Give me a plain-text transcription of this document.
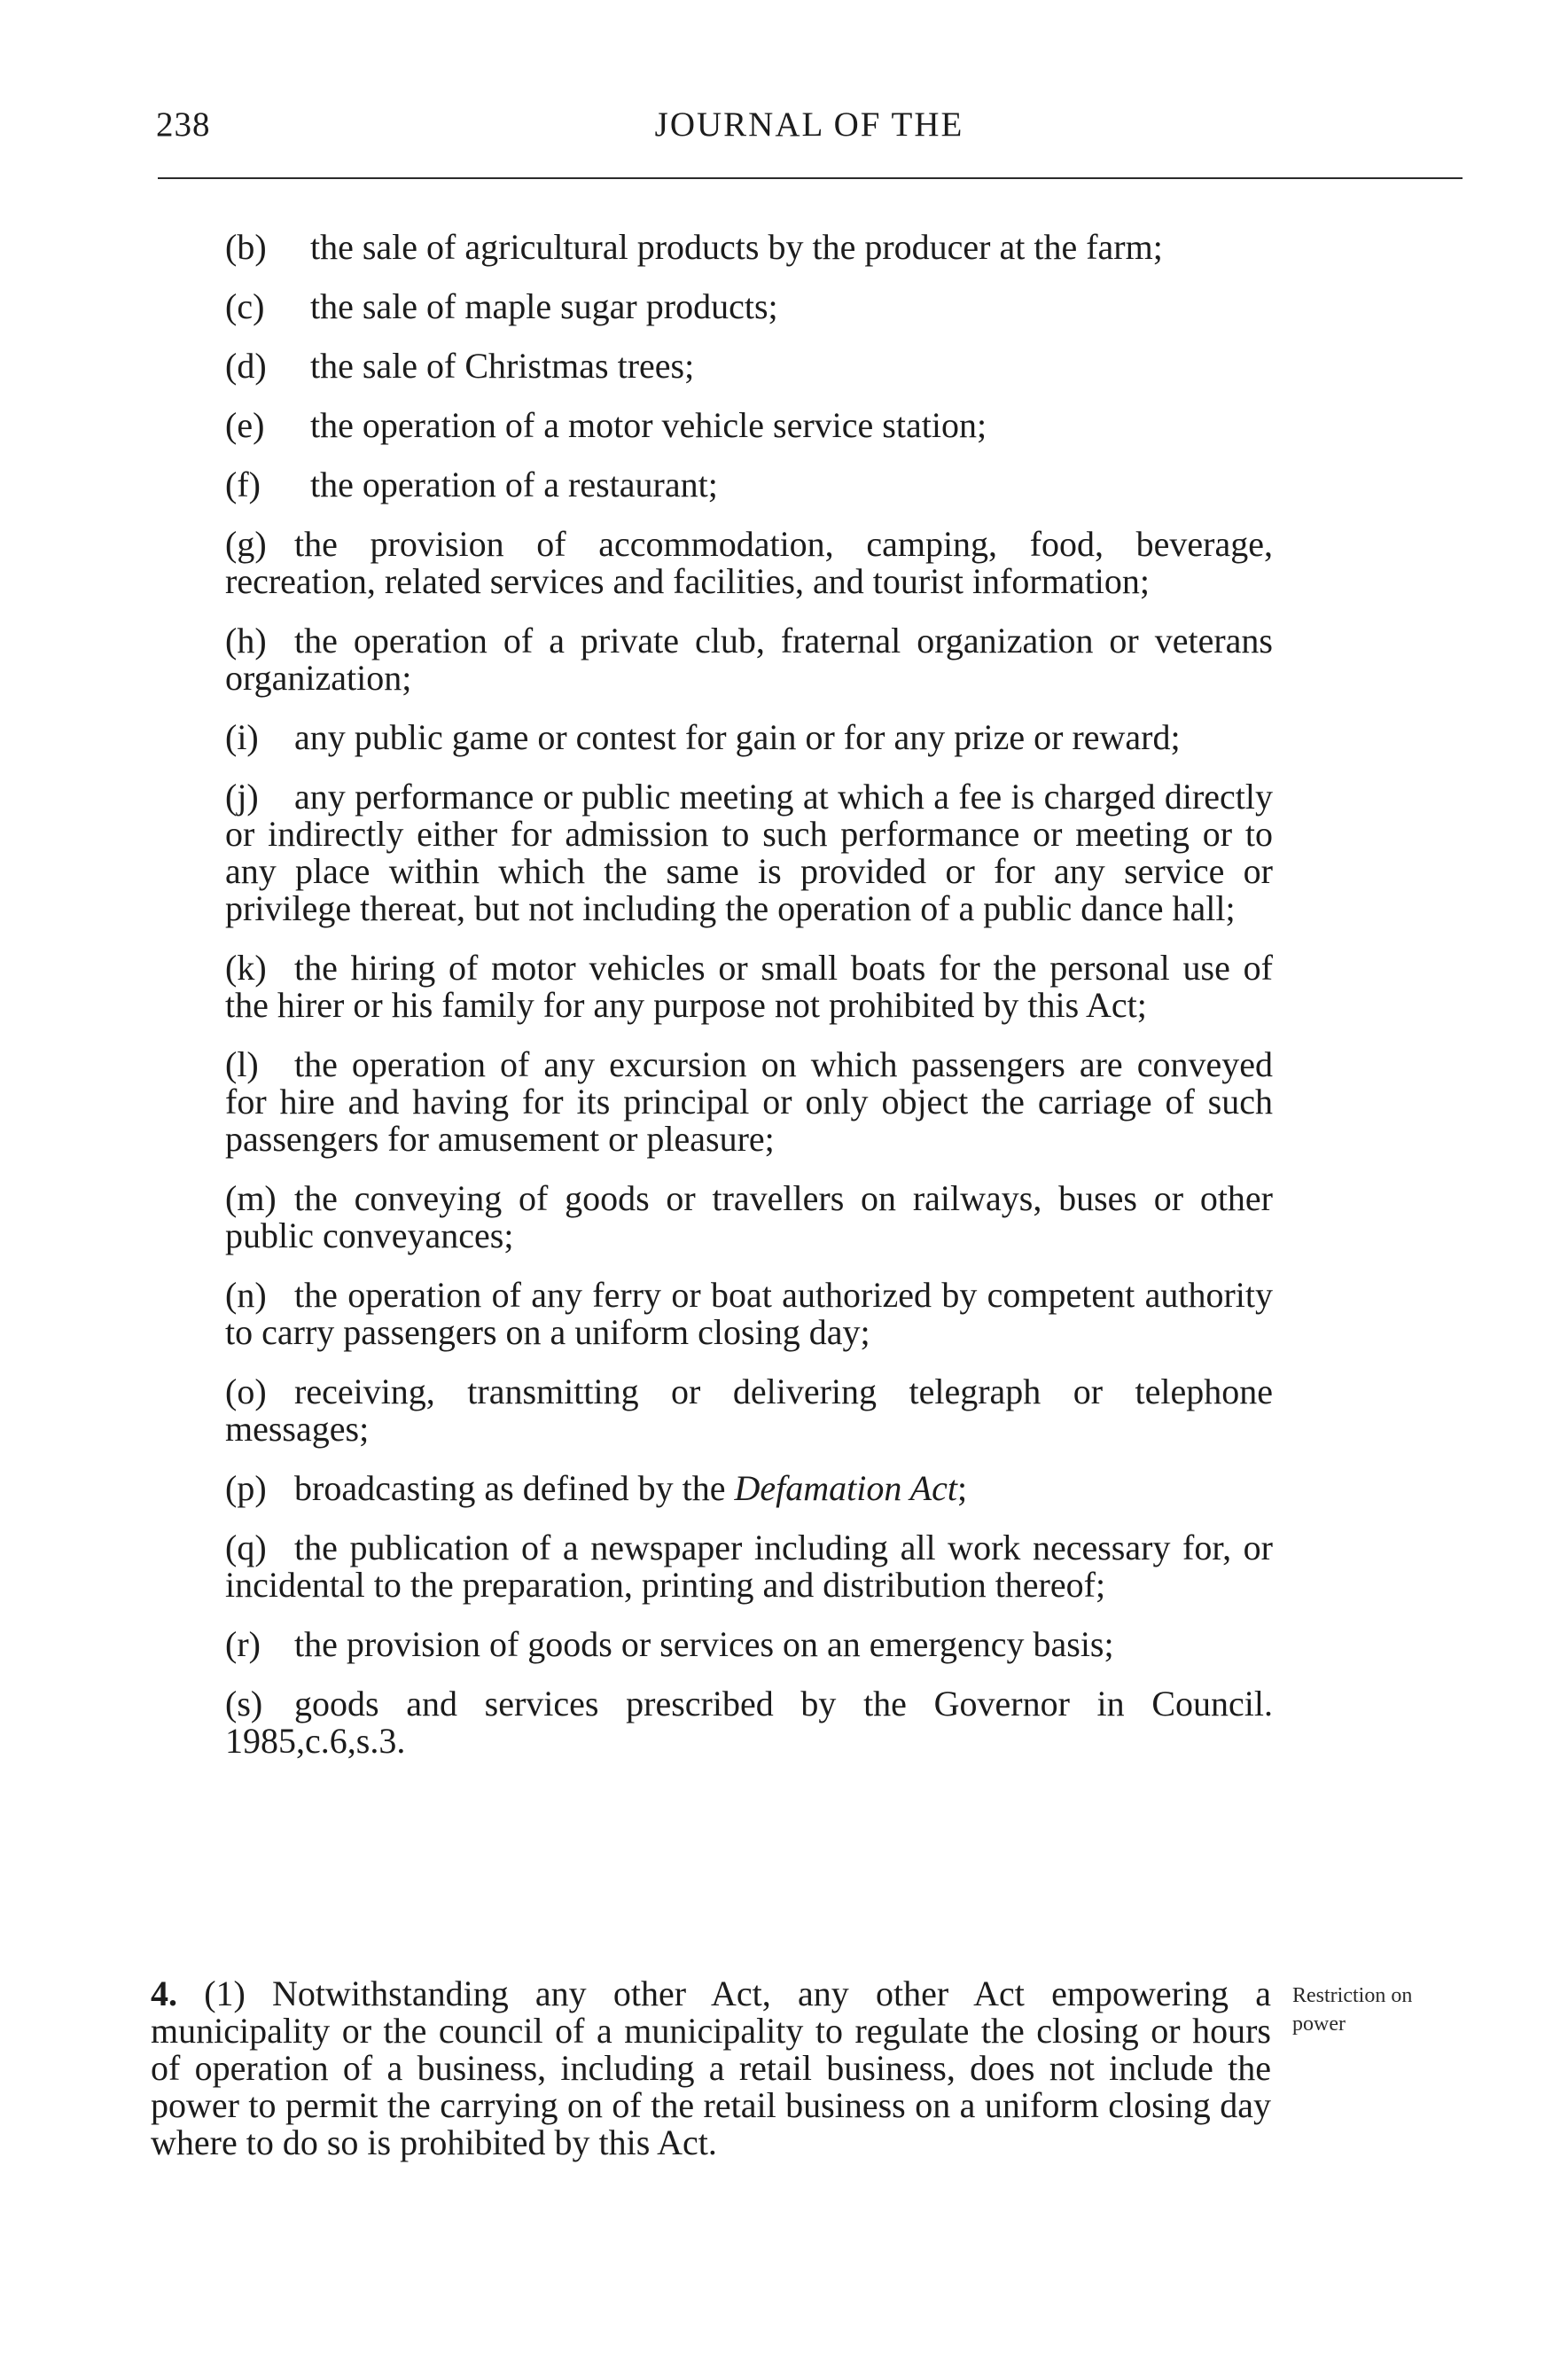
238	JOURNAL OF THE

(b) the sale of agricultural products by the producer at the farm;

(c) the sale of maple sugar products;

(d) the sale of Christmas trees;

(e) the operation of a motor vehicle service station;

(f) the operation of a restaurant;

(g) the provision of accommodation, camping, food, beverage, recreation, related services and facilities, and tourist information;

(h) the operation of a private club, fraternal organization or veterans organization;

(i) any public game or contest for gain or for any prize or reward;

(j) any performance or public meeting at which a fee is charged directly or indirectly either for admission to such performance or meeting or to any place within which the same is provided or for any service or privilege thereat, but not including the operation of a public dance hall;

(k) the hiring of motor vehicles or small boats for the personal use of the hirer or his family for any purpose not prohibited by this Act;

(l) the operation of any excursion on which passengers are conveyed for hire and having for its principal or only object the carriage of such passengers for amusement or pleasure;

(m) the conveying of goods or travellers on railways, buses or other public conveyances;

(n) the operation of any ferry or boat authorized by competent authority to carry passengers on a uniform closing day;

(o) receiving, transmitting or delivering telegraph or telephone messages;

(p) broadcasting as defined by the Defamation Act;

(q) the publication of a newspaper including all work necessary for, or incidental to the preparation, printing and distribution thereof;

(r) the provision of goods or services on an emergency basis;

(s) goods and services prescribed by the Governor in Council. 1985,c.6,s.3.

4. (1) Notwithstanding any other Act, any other Act empowering a municipality or the council of a municipality to regulate the closing or hours of operation of a business, including a retail business, does not include the power to permit the carrying on of the retail business on a uniform closing day where to do so is prohibited by this Act.
Restriction on
power
